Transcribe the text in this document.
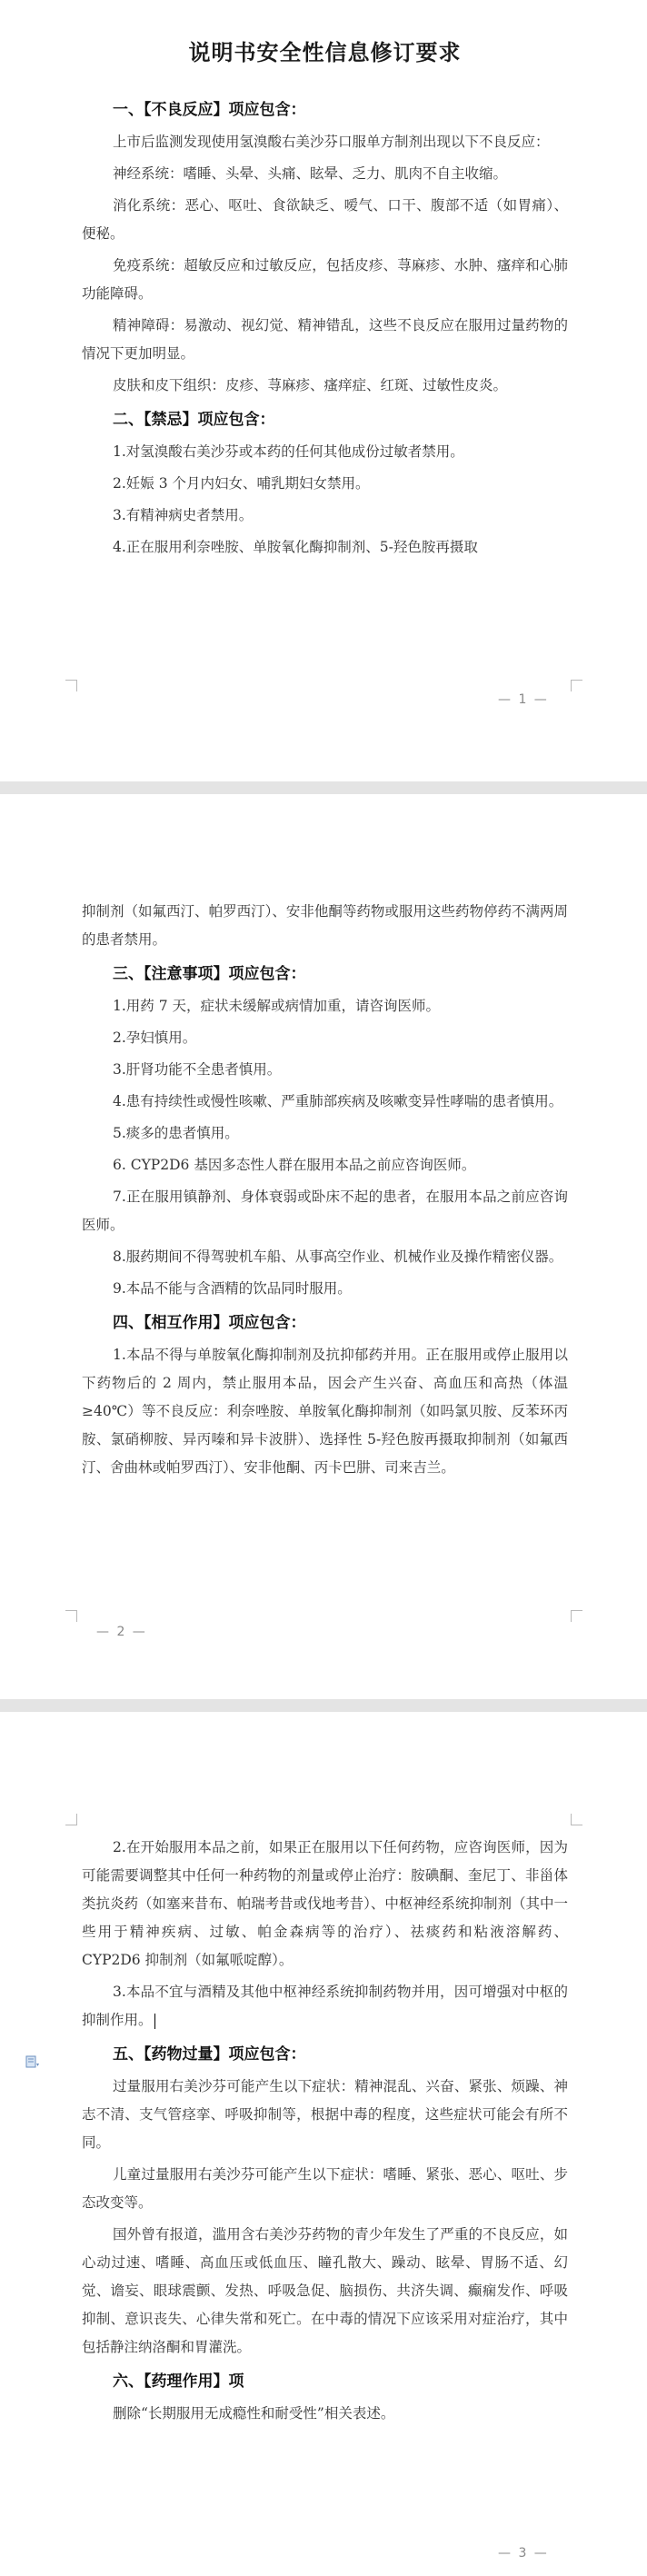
说明书安全性信息修订要求
一、【不良反应】项应包含：
上市后监测发现使用氢溴酸右美沙芬口服单方制剂出现以下不良反应：
神经系统：嗜睡、头晕、头痛、眩晕、乏力、肌肉不自主收缩。
消化系统：恶心、呕吐、食欲缺乏、嗳气、口干、腹部不适（如胃痛）、便秘。
免疫系统：超敏反应和过敏反应，包括皮疹、荨麻疹、水肿、瘙痒和心肺功能障碍。
精神障碍：易激动、视幻觉、精神错乱，这些不良反应在服用过量药物的情况下更加明显。
皮肤和皮下组织：皮疹、荨麻疹、瘙痒症、红斑、过敏性皮炎。
二、【禁忌】项应包含：
1.对氢溴酸右美沙芬或本药的任何其他成份过敏者禁用。
2.妊娠 3 个月内妇女、哺乳期妇女禁用。
3.有精神病史者禁用。
4.正在服用利奈唑胺、单胺氧化酶抑制剂、5-羟色胺再摄取
— 1 —
抑制剂（如氟西汀、帕罗西汀）、安非他酮等药物或服用这些药物停药不满两周的患者禁用。
三、【注意事项】项应包含：
1.用药 7 天，症状未缓解或病情加重，请咨询医师。
2.孕妇慎用。
3.肝肾功能不全患者慎用。
4.患有持续性或慢性咳嗽、严重肺部疾病及咳嗽变异性哮喘的患者慎用。
5.痰多的患者慎用。
6. CYP2D6 基因多态性人群在服用本品之前应咨询医师。
7.正在服用镇静剂、身体衰弱或卧床不起的患者，在服用本品之前应咨询医师。
8.服药期间不得驾驶机车船、从事高空作业、机械作业及操作精密仪器。
9.本品不能与含酒精的饮品同时服用。
四、【相互作用】项应包含：
1.本品不得与单胺氧化酶抑制剂及抗抑郁药并用。正在服用或停止服用以下药物后的 2 周内，禁止服用本品，因会产生兴奋、高血压和高热（体温≥40℃）等不良反应：利奈唑胺、单胺氧化酶抑制剂（如吗氯贝胺、反苯环丙胺、氯硝柳胺、异丙嗪和异卡波肼）、选择性 5-羟色胺再摄取抑制剂（如氟西汀、舍曲林或帕罗西汀）、安非他酮、丙卡巴肼、司来吉兰。
— 2 —
2.在开始服用本品之前，如果正在服用以下任何药物，应咨询医师，因为可能需要调整其中任何一种药物的剂量或停止治疗：胺碘酮、奎尼丁、非甾体类抗炎药（如塞来昔布、帕瑞考昔或伐地考昔）、中枢神经系统抑制剂（其中一些用于精神疾病、过敏、帕金森病等的治疗）、祛痰药和粘液溶解药、CYP2D6 抑制剂（如氟哌啶醇）。
3.本品不宜与酒精及其他中枢神经系统抑制药物并用，因可增强对中枢的抑制作用。
五、【药物过量】项应包含：
过量服用右美沙芬可能产生以下症状：精神混乱、兴奋、紧张、烦躁、神志不清、支气管痉挛、呼吸抑制等，根据中毒的程度，这些症状可能会有所不同。
儿童过量服用右美沙芬可能产生以下症状：嗜睡、紧张、恶心、呕吐、步态改变等。
国外曾有报道，滥用含右美沙芬药物的青少年发生了严重的不良反应，如心动过速、嗜睡、高血压或低血压、瞳孔散大、躁动、眩晕、胃肠不适、幻觉、谵妄、眼球震颤、发热、呼吸急促、脑损伤、共济失调、癫痫发作、呼吸抑制、意识丧失、心律失常和死亡。在中毒的情况下应该采用对症治疗，其中包括静注纳洛酮和胃灌洗。
六、【药理作用】项
删除“长期服用无成瘾性和耐受性”相关表述。
— 3 —
